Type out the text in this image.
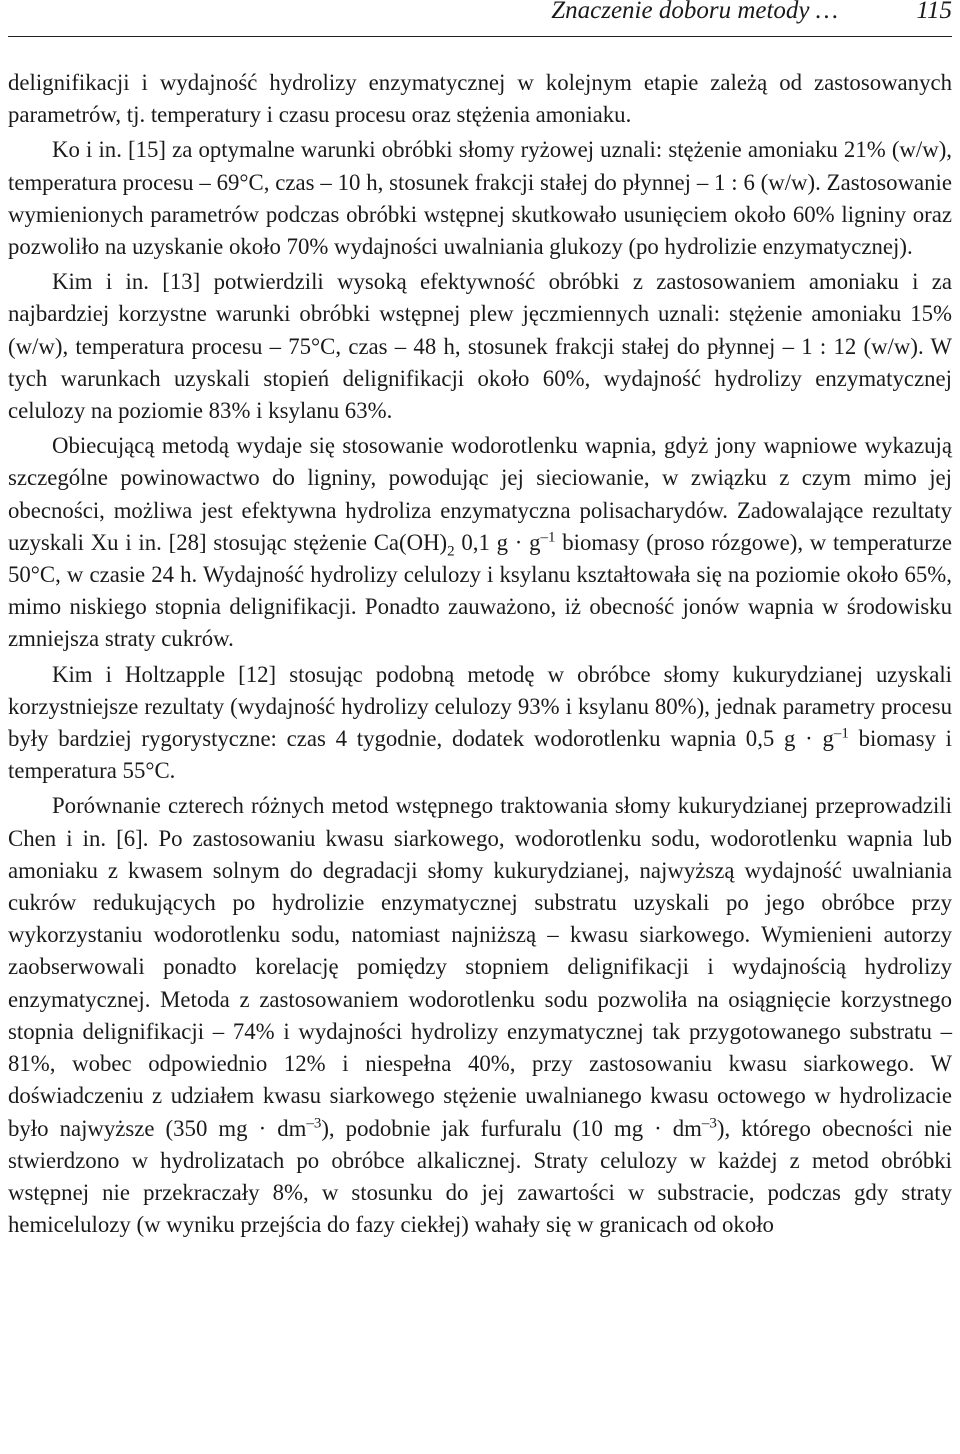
Znaczenie doboru metody …	115

delignifikacji i wydajność hydrolizy enzymatycznej w kolejnym etapie zależą od zastosowanych parametrów, tj. temperatury i czasu procesu oraz stężenia amoniaku.

Ko i in. [15] za optymalne warunki obróbki słomy ryżowej uznali: stężenie amoniaku 21% (w/w), temperatura procesu – 69°C, czas – 10 h, stosunek frakcji stałej do płynnej – 1 : 6 (w/w). Zastosowanie wymienionych parametrów podczas obróbki wstępnej skutkowało usunięciem około 60% ligniny oraz pozwoliło na uzyskanie około 70% wydajności uwalniania glukozy (po hydrolizie enzymatycznej).

Kim i in. [13] potwierdzili wysoką efektywność obróbki z zastosowaniem amoniaku i za najbardziej korzystne warunki obróbki wstępnej plew jęczmiennych uznali: stężenie amoniaku 15% (w/w), temperatura procesu – 75°C, czas – 48 h, stosunek frakcji stałej do płynnej – 1 : 12 (w/w). W tych warunkach uzyskali stopień delignifikacji około 60%, wydajność hydrolizy enzymatycznej celulozy na poziomie 83% i ksylanu 63%.

Obiecującą metodą wydaje się stosowanie wodorotlenku wapnia, gdyż jony wapniowe wykazują szczególne powinowactwo do ligniny, powodując jej sieciowanie, w związku z czym mimo jej obecności, możliwa jest efektywna hydroliza enzymatyczna polisacharydów. Zadowalające rezultaty uzyskali Xu i in. [28] stosując stężenie $Ca(OH)_2$ 0,1 $g \cdot g^{-1}$ biomasy (proso rózgowe), w temperaturze 50°C, w czasie 24 h. Wydajność hydrolizy celulozy i ksylanu kształtowała się na poziomie około 65%, mimo niskiego stopnia delignifikacji. Ponadto zauważono, iż obecność jonów wapnia w środowisku zmniejsza straty cukrów.

Kim i Holtzapple [12] stosując podobną metodę w obróbce słomy kukurydzianej uzyskali korzystniejsze rezultaty (wydajność hydrolizy celulozy 93% i ksylanu 80%), jednak parametry procesu były bardziej rygorystyczne: czas 4 tygodnie, dodatek wodorotlenku wapnia 0,5 $g \cdot g^{-1}$ biomasy i temperatura 55°C.

Porównanie czterech różnych metod wstępnego traktowania słomy kukurydzianej przeprowadzili Chen i in. [6]. Po zastosowaniu kwasu siarkowego, wodorotlenku sodu, wodorotlenku wapnia lub amoniaku z kwasem solnym do degradacji słomy kukurydzianej, najwyższą wydajność uwalniania cukrów redukujących po hydrolizie enzymatycznej substratu uzyskali po jego obróbce przy wykorzystaniu wodorotlenku sodu, natomiast najniższą – kwasu siarkowego. Wymienieni autorzy zaobserwowali ponadto korelację pomiędzy stopniem delignifikacji i wydajnością hydrolizy enzymatycznej. Metoda z zastosowaniem wodorotlenku sodu pozwoliła na osiągnięcie korzystnego stopnia delignifikacji – 74% i wydajności hydrolizy enzymatycznej tak przygotowanego substratu – 81%, wobec odpowiednio 12% i niespełna 40%, przy zastosowaniu kwasu siarkowego. W doświadczeniu z udziałem kwasu siarkowego stężenie uwalnianego kwasu octowego w hydrolizacie było najwyższe (350 mg · $dm^{-3}$), podobnie jak furfuralu (10 mg · $dm^{-3}$), którego obecności nie stwierdzono w hydrolizatach po obróbce alkalicznej. Straty celulozy w każdej z metod obróbki wstępnej nie przekraczały 8%, w stosunku do jej zawartości w substracie, podczas gdy straty hemicelulozy (w wyniku przejścia do fazy ciekłej) wahały się w granicach od około
